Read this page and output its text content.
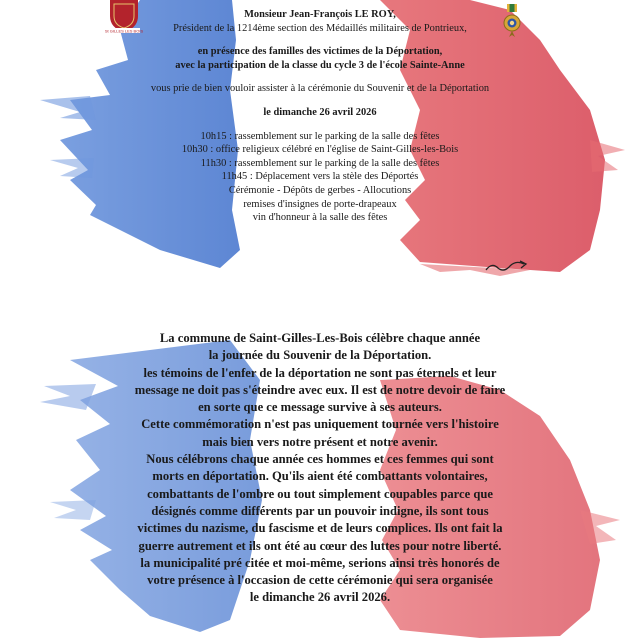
St GILLES LES BOIS

Monsieur Jean-François LE ROY,

Président de la 1214ème section des Médaillés militaires de Pontrieux,

en présence des familles des victimes de la Déportation,

avec la participation de la classe du cycle 3 de l'école Sainte-Anne

vous prie de bien vouloir assister à la cérémonie du Souvenir et de la Déportation

le dimanche 26 avril 2026

10h15 : rassemblement sur le parking de la salle des fêtes

10h30 : office religieux célébré en l'église de Saint-Gilles-les-Bois

11h30 : rassemblement sur le parking de la salle des fêtes

11h45 : Déplacement vers la stèle des Déportés

Cérémonie - Dépôts de gerbes - Allocutions

remises d'insignes de porte-drapeaux

vin d'honneur à la salle des fêtes

La commune de Saint-Gilles-Les-Bois célèbre chaque année

la journée du Souvenir de la Déportation.

les témoins de l'enfer de la déportation ne sont pas éternels et leur

message ne doit pas s'éteindre avec eux. Il est de notre devoir de faire

en sorte que ce message survive à ses auteurs.

Cette commémoration n'est pas uniquement tournée vers l'histoire

mais bien vers notre présent et notre avenir.

Nous célébrons chaque année ces hommes et ces femmes qui sont

morts en déportation. Qu'ils aient été combattants volontaires,

combattants de l'ombre ou tout simplement coupables parce que

désignés comme différents par un pouvoir indigne, ils sont tous

victimes du nazisme, du fascisme et de leurs complices. Ils ont fait la

guerre autrement et ils ont été au cœur des luttes pour notre liberté.

la municipalité pré citée et moi-même, serions ainsi très honorés de

votre présence à l'occasion de cette cérémonie qui sera organisée

le dimanche 26 avril 2026.
